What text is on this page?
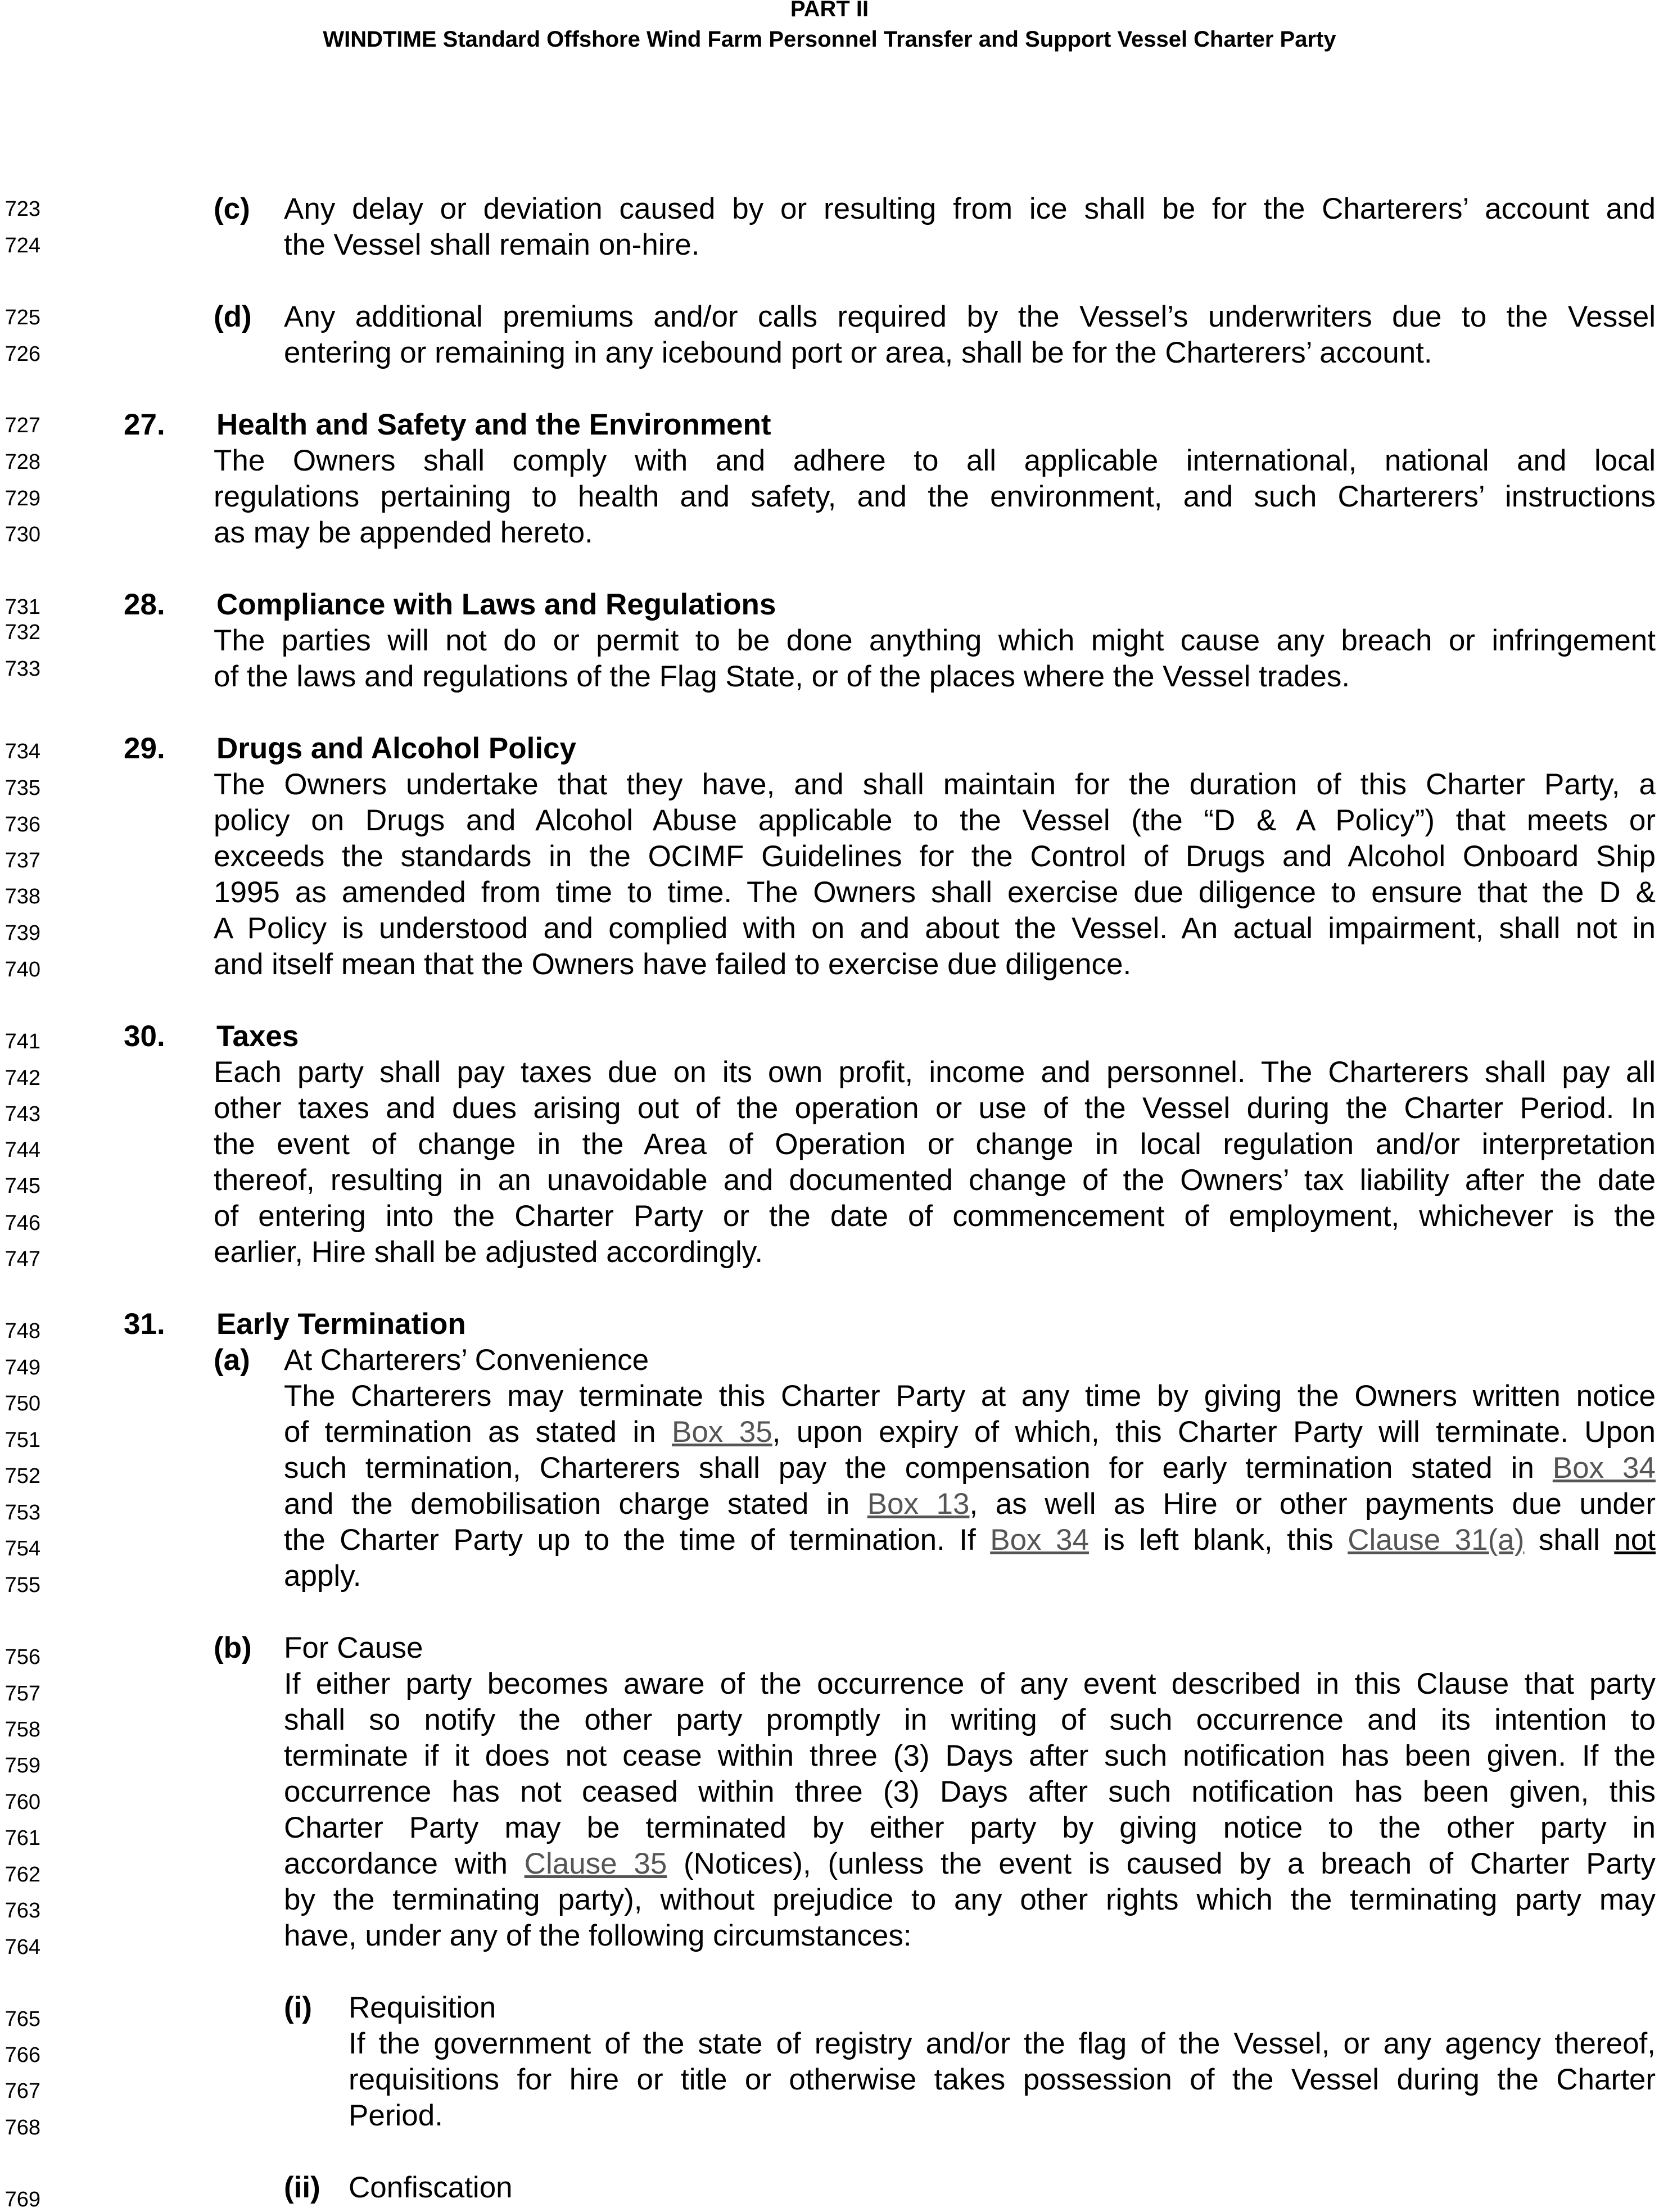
PART II
WINDTIME Standard Offshore Wind Farm Personnel Transfer and Support Vessel Charter Party
723
724
725
726
727
728
729
730
731
732
733
734
735
736
737
738
739
740
741
742
743
744
745
746
747
748
749
750
751
752
753
754
755
756
757
758
759
760
761
762
763
764
765
766
767
768
769
(c) Any delay or deviation caused by or resulting from ice shall be for the Charterers’ account and
the Vessel shall remain on-hire.
(d) Any additional premiums and/or calls required by the Vessel’s underwriters due to the Vessel
entering or remaining in any icebound port or area, shall be for the Charterers’ account.
27. Health and Safety and the Environment
The Owners shall comply with and adhere to all applicable international, national and local
regulations pertaining to health and safety, and the environment, and such Charterers’ instructions
as may be appended hereto.
28. Compliance with Laws and Regulations
The parties will not do or permit to be done anything which might cause any breach or infringement
of the laws and regulations of the Flag State, or of the places where the Vessel trades.
29. Drugs and Alcohol Policy
The Owners undertake that they have, and shall maintain for the duration of this Charter Party, a
policy on Drugs and Alcohol Abuse applicable to the Vessel (the “D & A Policy”) that meets or
exceeds the standards in the OCIMF Guidelines for the Control of Drugs and Alcohol Onboard Ship
1995 as amended from time to time. The Owners shall exercise due diligence to ensure that the D &
A Policy is understood and complied with on and about the Vessel. An actual impairment, shall not in
and itself mean that the Owners have failed to exercise due diligence.
30. Taxes
Each party shall pay taxes due on its own profit, income and personnel. The Charterers shall pay all
other taxes and dues arising out of the operation or use of the Vessel during the Charter Period. In
the event of change in the Area of Operation or change in local regulation and/or interpretation
thereof, resulting in an unavoidable and documented change of the Owners’ tax liability after the date
of entering into the Charter Party or the date of commencement of employment, whichever is the
earlier, Hire shall be adjusted accordingly.
31. Early Termination
(a) At Charterers’ Convenience
The Charterers may terminate this Charter Party at any time by giving the Owners written notice
of termination as stated in Box 35, upon expiry of which, this Charter Party will terminate. Upon
such termination, Charterers shall pay the compensation for early termination stated in Box 34
and the demobilisation charge stated in Box 13, as well as Hire or other payments due under
the Charter Party up to the time of termination. If Box 34 is left blank, this Clause 31(a) shall not
apply.
(b) For Cause
If either party becomes aware of the occurrence of any event described in this Clause that party
shall so notify the other party promptly in writing of such occurrence and its intention to
terminate if it does not cease within three (3) Days after such notification has been given. If the
occurrence has not ceased within three (3) Days after such notification has been given, this
Charter Party may be terminated by either party by giving notice to the other party in
accordance with Clause 35 (Notices), (unless the event is caused by a breach of Charter Party
by the terminating party), without prejudice to any other rights which the terminating party may
have, under any of the following circumstances:
(i) Requisition
If the government of the state of registry and/or the flag of the Vessel, or any agency thereof,
requisitions for hire or title or otherwise takes possession of the Vessel during the Charter
Period.
(ii) Confiscation
